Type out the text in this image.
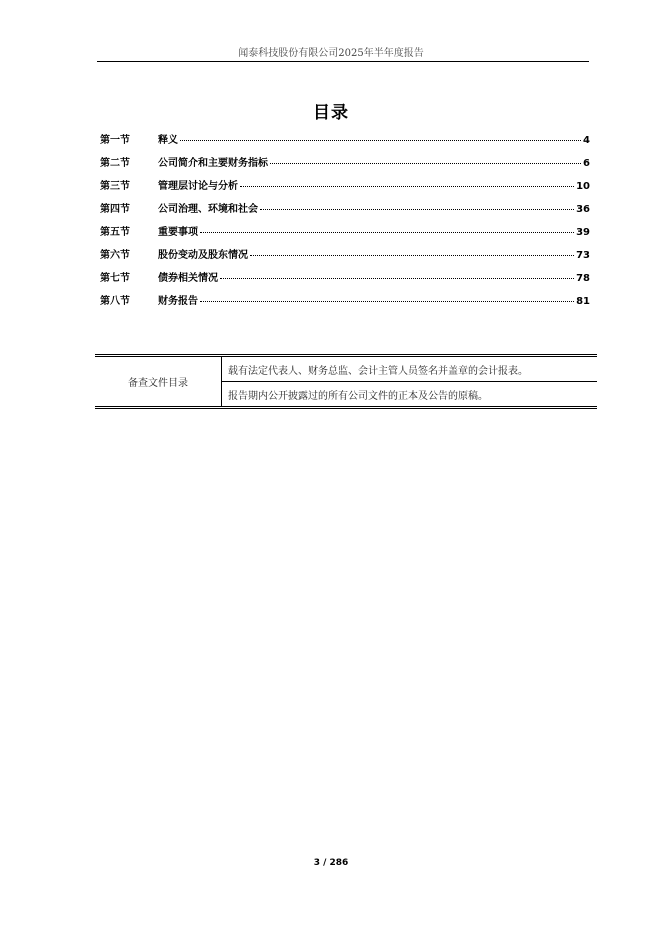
闻泰科技股份有限公司2025年半年度报告
目录
第一节	释义	4
第二节	公司简介和主要财务指标	6
第三节	管理层讨论与分析	10
第四节	公司治理、环境和社会	36
第五节	重要事项	39
第六节	股份变动及股东情况	73
第七节	债券相关情况	78
第八节	财务报告	81
备查文件目录	载有法定代表人、财务总监、会计主管人员签名并盖章的会计报表。
报告期内公开披露过的所有公司文件的正本及公告的原稿。
3 / 286
